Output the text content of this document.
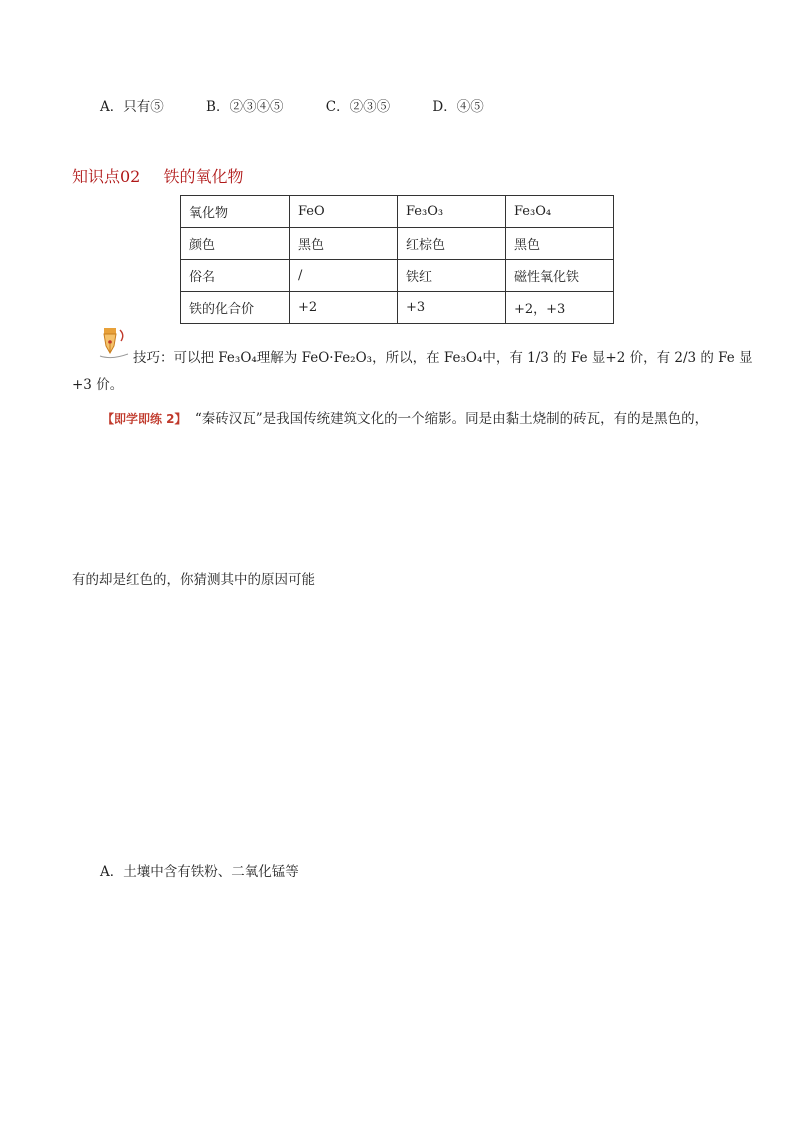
A．只有⑤	B．②③④⑤	C．②③⑤	D．④⑤
知识点02 铁的氧化物
氧化物	FeO	Fe₃O₃	Fe₃O₄
颜色	黑色	红棕色	黑色
俗名	/	铁红	磁性氧化铁
铁的化合价	+2	+3	+2，+3
技巧：可以把 Fe₃O₄理解为 FeO·Fe₂O₃，所以，在 Fe₃O₄中，有 1/3 的 Fe 显+2 价，有 2/3 的 Fe 显
+3 价。
【即学即练 2】 “秦砖汉瓦”是我国传统建筑文化的一个缩影。同是由黏土烧制的砖瓦，有的是黑色的，
有的却是红色的，你猜测其中的原因可能
A．土壤中含有铁粉、二氧化锰等
